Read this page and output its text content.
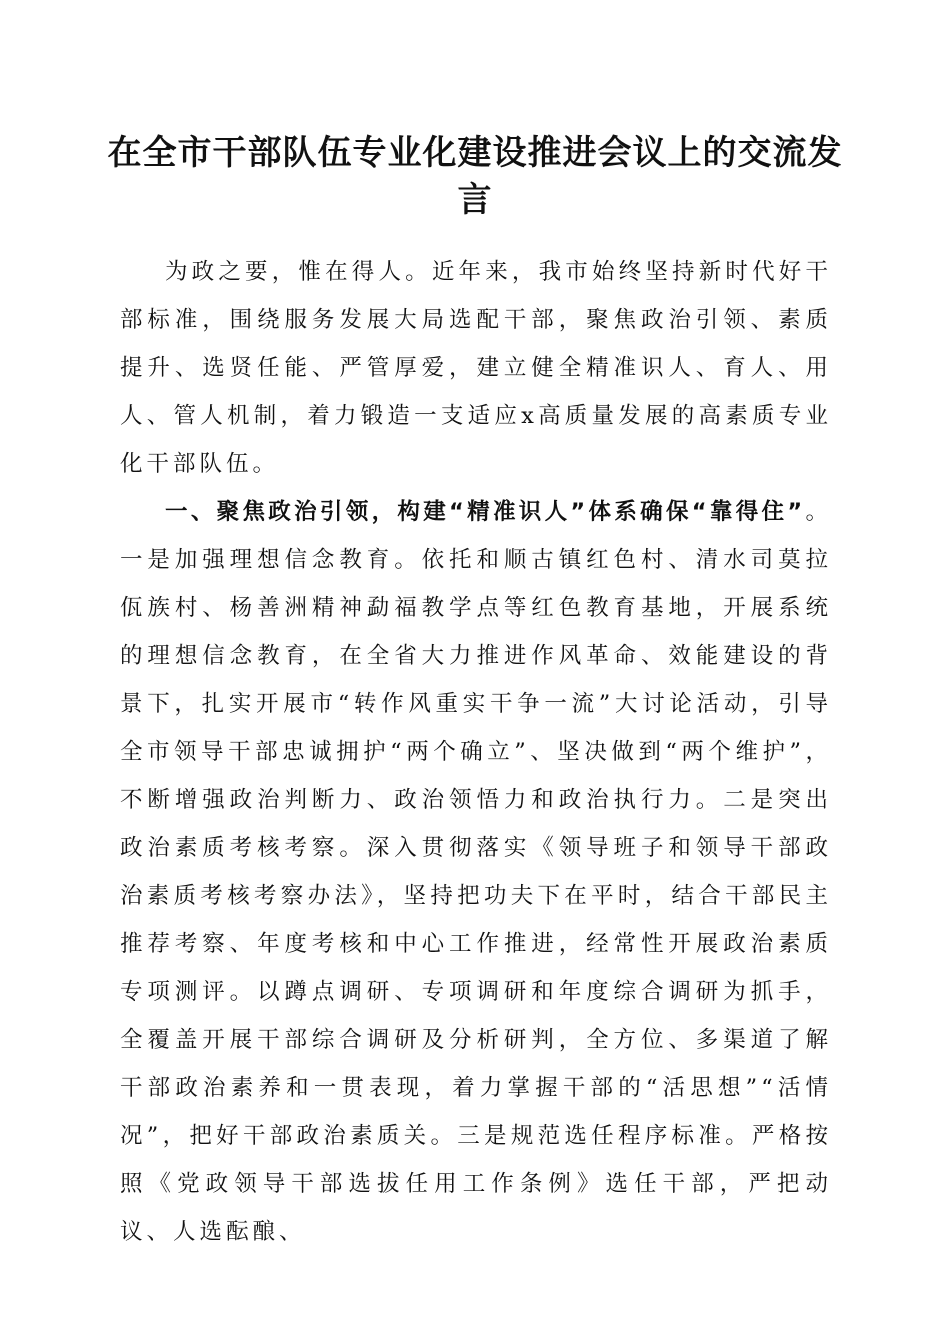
在全市干部队伍专业化建设推进会议上的交流发言

为政之要，惟在得人。近年来，我市始终坚持新时代好干部标准，围绕服务发展大局选配干部，聚焦政治引领、素质提升、选贤任能、严管厚爱，建立健全精准识人、育人、用人、管人机制，着力锻造一支适应x高质量发展的高素质专业化干部队伍。

一、聚焦政治引领，构建“精准识人”体系确保“靠得住”。一是加强理想信念教育。依托和顺古镇红色村、清水司莫拉佤族村、杨善洲精神勐福教学点等红色教育基地，开展系统的理想信念教育，在全省大力推进作风革命、效能建设的背景下，扎实开展市“转作风重实干争一流”大讨论活动，引导全市领导干部忠诚拥护“两个确立”、坚决做到“两个维护”，不断增强政治判断力、政治领悟力和政治执行力。二是突出政治素质考核考察。深入贯彻落实《领导班子和领导干部政治素质考核考察办法》，坚持把功夫下在平时，结合干部民主推荐考察、年度考核和中心工作推进，经常性开展政治素质专项测评。以蹲点调研、专项调研和年度综合调研为抓手，全覆盖开展干部综合调研及分析研判，全方位、多渠道了解干部政治素养和一贯表现，着力掌握干部的“活思想”“活情况”，把好干部政治素质关。三是规范选任程序标准。严格按照《党政领导干部选拔任用工作条例》选任干部，严把动议、人选酝酿、
